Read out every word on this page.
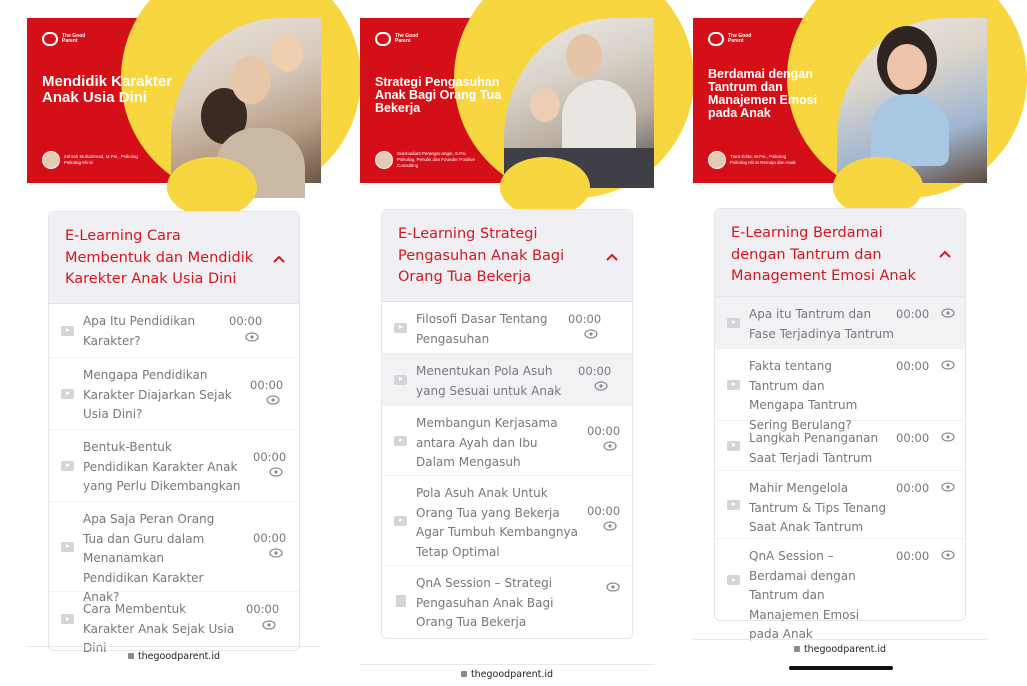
The Good Parent
Mendidik Karakter Anak Usia Dini
Zahrah Muhammad, M.Psi., Psikolog
Psikolog Klinis
E-Learning Cara Membentuk dan Mendidik Karekter Anak Usia Dini
Apa Itu Pendidikan Karakter?
00:00
Mengapa Pendidikan Karakter Diajarkan Sejak Usia Dini?
00:00
Bentuk-Bentuk Pendidikan Karakter Anak yang Perlu Dikembangkan
00:00
Apa Saja Peran Orang Tua dan Guru dalam Menanamkan Pendidikan Karakter Anak?
00:00
Cara Membentuk Karakter Anak Sejak Usia Dini
00:00
thegoodparent.id
The Good Parent
Strategi Pengasuhan Anak Bagi Orang Tua Bekerja
Sukmadiarti Perangin-angin, S.Psi
Psikolog, Penulis dan Founder Positive Consulting
E-Learning Strategi Pengasuhan Anak Bagi Orang Tua Bekerja
Filosofi Dasar Tentang Pengasuhan
00:00
Menentukan Pola Asuh yang Sesuai untuk Anak
00:00
Membangun Kerjasama antara Ayah dan Ibu Dalam Mengasuh
00:00
Pola Asuh Anak Untuk Orang Tua yang Bekerja Agar Tumbuh Kembangnya Tetap Optimal
00:00
QnA Session – Strategi Pengasuhan Anak Bagi Orang Tua Bekerja
thegoodparent.id
The Good Parent
Berdamai dengan Tantrum dan Manajemen Emosi pada Anak
Tiara Erlita, M.Psi., Psikolog
Psikolog Klinis Remaja dan Anak
E-Learning Berdamai dengan Tantrum dan Management Emosi Anak
Apa itu Tantrum dan Fase Terjadinya Tantrum
00:00
Fakta tentang Tantrum dan Mengapa Tantrum Sering Berulang?
00:00
Langkah Penanganan Saat Terjadi Tantrum
00:00
Mahir Mengelola Tantrum & Tips Tenang Saat Anak Tantrum
00:00
QnA Session – Berdamai dengan Tantrum dan Manajemen Emosi pada Anak
00:00
thegoodparent.id
